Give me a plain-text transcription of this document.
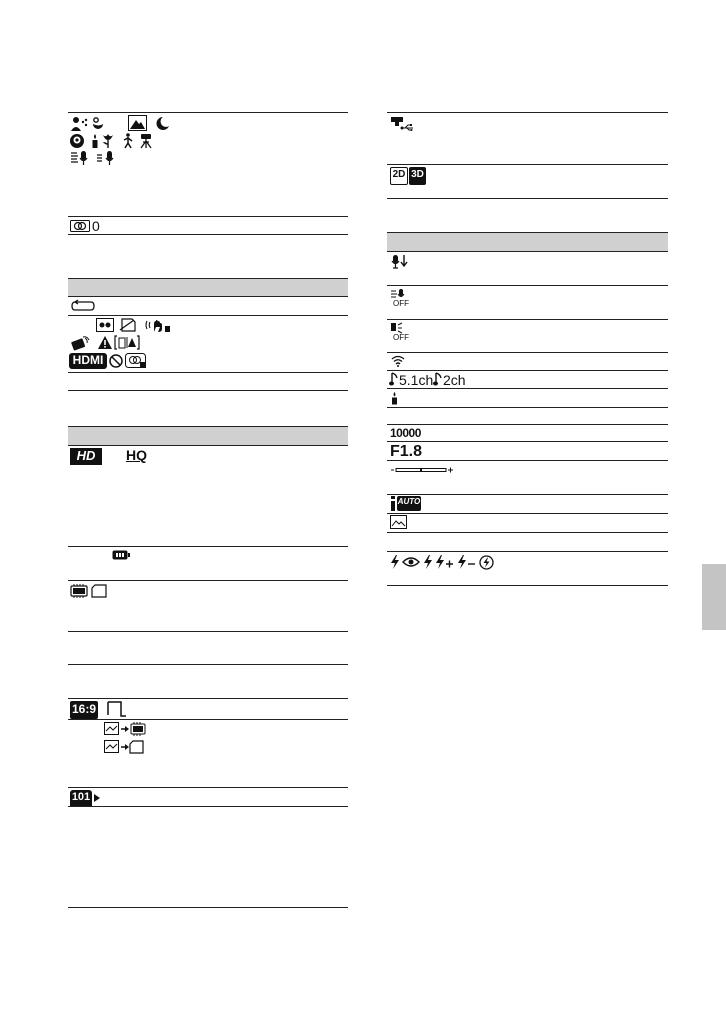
0
HDMI
HD	HQ
16:9
101
2D 3D
OFF
OFF
5.1ch 2ch
10000
F1.8
AUTO
